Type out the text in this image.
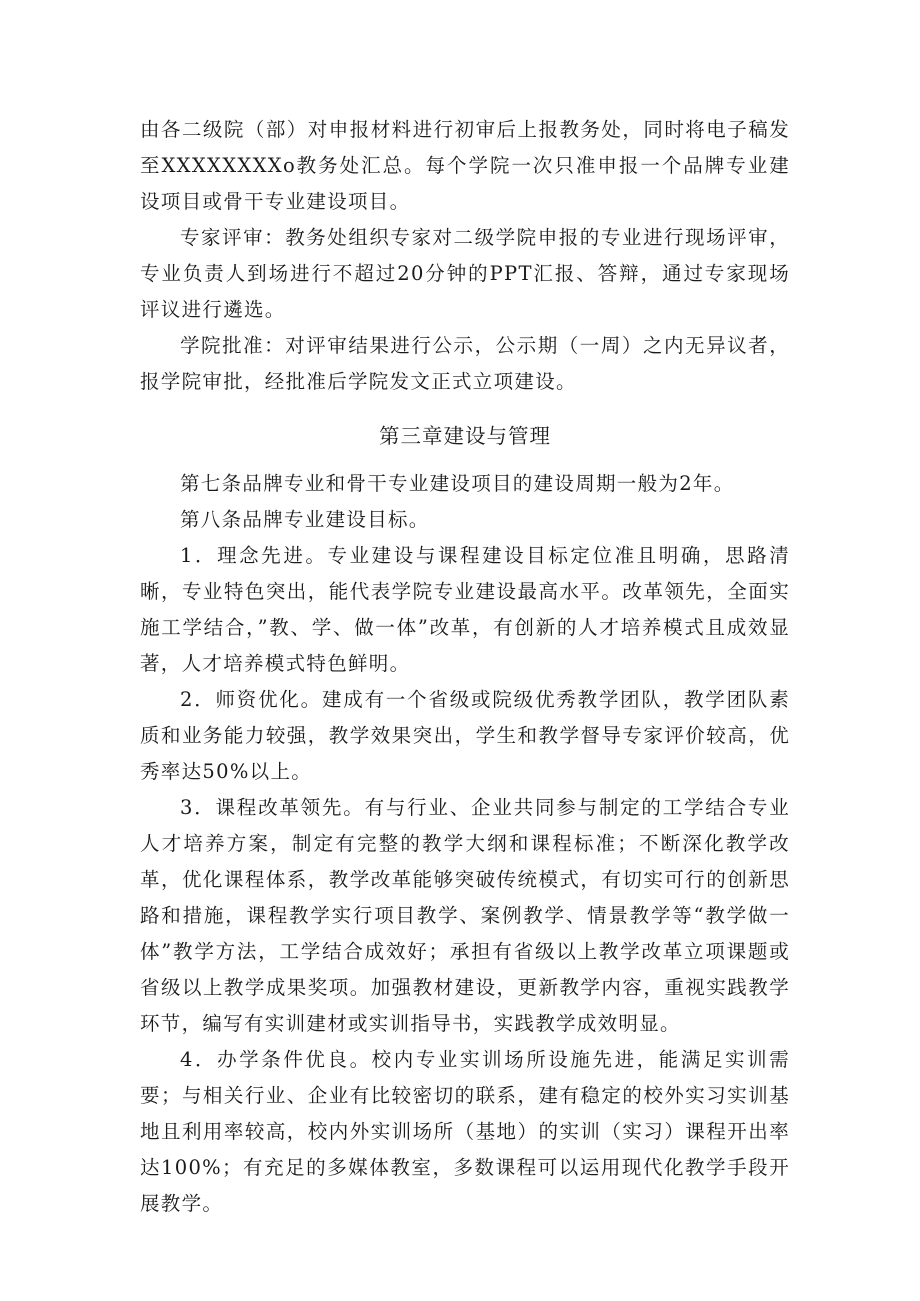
由各二级院（部）对申报材料进行初审后上报教务处，同时将电子稿发至XXXXXXXXo教务处汇总。每个学院一次只准申报一个品牌专业建设项目或骨干专业建设项目。

专家评审：教务处组织专家对二级学院申报的专业进行现场评审，专业负责人到场进行不超过20分钟的PPT汇报、答辩，通过专家现场评议进行遴选。

学院批准：对评审结果进行公示，公示期（一周）之内无异议者，报学院审批，经批准后学院发文正式立项建设。

第三章建设与管理

第七条品牌专业和骨干专业建设项目的建设周期一般为2年。

第八条品牌专业建设目标。

1．理念先进。专业建设与课程建设目标定位准且明确，思路清晰，专业特色突出，能代表学院专业建设最高水平。改革领先，全面实施工学结合，”教、学、做一体”改革，有创新的人才培养模式且成效显著，人才培养模式特色鲜明。

2．师资优化。建成有一个省级或院级优秀教学团队，教学团队素质和业务能力较强，教学效果突出，学生和教学督导专家评价较高，优秀率达50%以上。

3．课程改革领先。有与行业、企业共同参与制定的工学结合专业人才培养方案，制定有完整的教学大纲和课程标准；不断深化教学改革，优化课程体系，教学改革能够突破传统模式，有切实可行的创新思路和措施，课程教学实行项目教学、案例教学、情景教学等“教学做一体”教学方法，工学结合成效好；承担有省级以上教学改革立项课题或省级以上教学成果奖项。加强教材建设，更新教学内容，重视实践教学环节，编写有实训建材或实训指导书，实践教学成效明显。

4．办学条件优良。校内专业实训场所设施先进，能满足实训需要；与相关行业、企业有比较密切的联系，建有稳定的校外实习实训基地且利用率较高，校内外实训场所（基地）的实训（实习）课程开出率达100%；有充足的多媒体教室，多数课程可以运用现代化教学手段开展教学。
